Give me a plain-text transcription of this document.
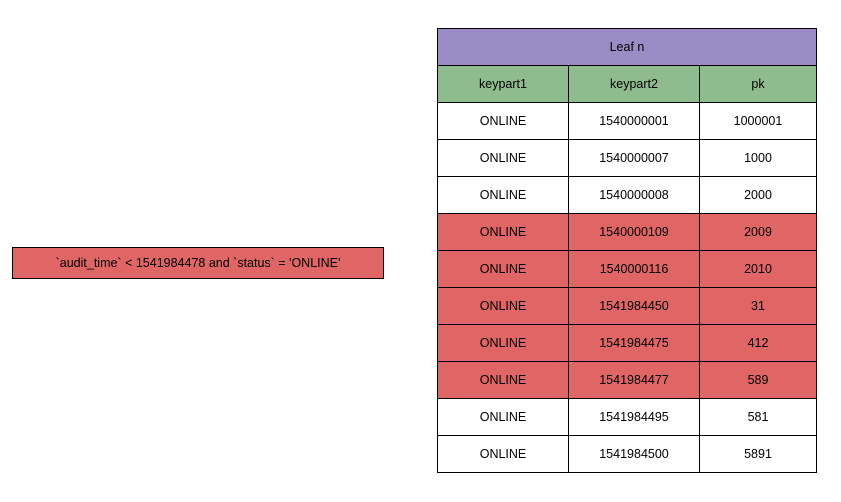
`audit_time` < 1541984478 and `status` = 'ONLINE'
Leaf n		
keypart1	keypart2	pk
ONLINE	1540000001	1000001
ONLINE	1540000007	1000
ONLINE	1540000008	2000
ONLINE	1540000109	2009
ONLINE	1540000116	2010
ONLINE	1541984450	31
ONLINE	1541984475	412
ONLINE	1541984477	589
ONLINE	1541984495	581
ONLINE	1541984500	5891
